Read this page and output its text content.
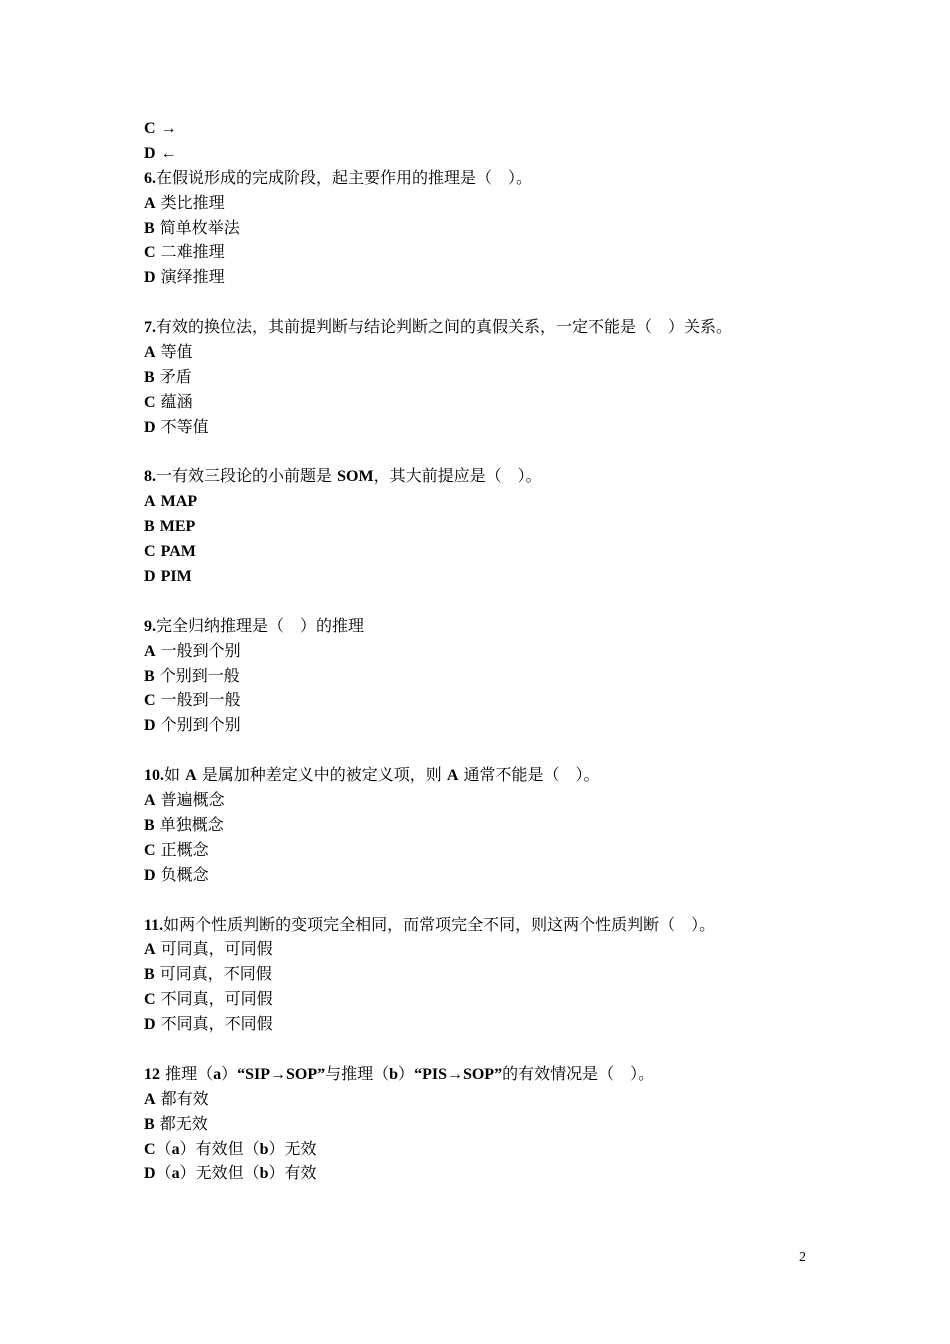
C →
D ←
6.在假说形成的完成阶段，起主要作用的推理是（　）。
A 类比推理
B 简单枚举法
C 二难推理
D 演绎推理
7.有效的换位法，其前提判断与结论判断之间的真假关系，一定不能是（　）关系。
A 等值
B 矛盾
C 蕴涵
D 不等值
8.一有效三段论的小前题是 SOM，其大前提应是（　）。
A MAP
B MEP
C PAM
D PIM
9.完全归纳推理是（　）的推理
A 一般到个别
B 个别到一般
C 一般到一般
D 个别到个别
10.如 A 是属加种差定义中的被定义项，则 A 通常不能是（　）。
A 普遍概念
B 单独概念
C 正概念
D 负概念
11.如两个性质判断的变项完全相同，而常项完全不同，则这两个性质判断（　）。
A 可同真，可同假
B 可同真，不同假
C 不同真，可同假
D 不同真，不同假
12 推理（a）“SIP→SOP”与推理（b）“PIS→SOP”的有效情况是（　）。
A 都有效
B 都无效
C（a）有效但（b）无效
D（a）无效但（b）有效
2
